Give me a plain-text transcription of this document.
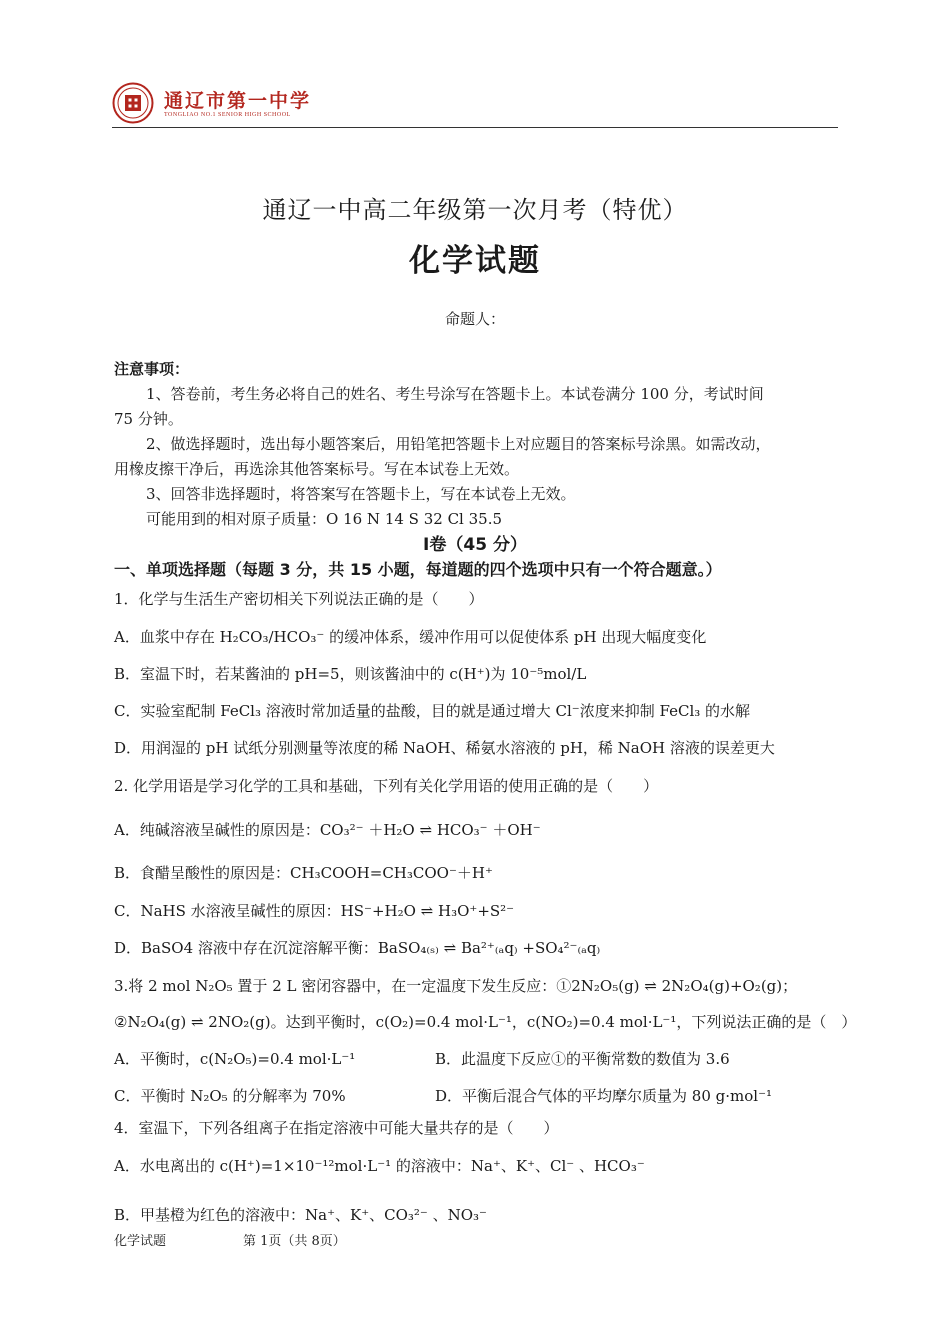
通辽市第一中学
TONGLIAO NO.1 SENIOR HIGH SCHOOL
通辽一中高二年级第一次月考（特优）
化学试题
命题人：
注意事项：
1、答卷前，考生务必将自己的姓名、考生号涂写在答题卡上。本试卷满分 100 分，考试时间
75 分钟。
2、做选择题时，选出每小题答案后，用铅笔把答题卡上对应题目的答案标号涂黑。如需改动，
用橡皮擦干净后，再选涂其他答案标号。写在本试卷上无效。
3、回答非选择题时，将答案写在答题卡上，写在本试卷上无效。
可能用到的相对原子质量：O 16 N 14 S 32 Cl 35.5
I卷（45 分）
一、单项选择题（每题 3 分，共 15 小题，每道题的四个选项中只有一个符合题意。）
1．化学与生活生产密切相关下列说法正确的是（　　）
A．血浆中存在 H₂CO₃/HCO₃⁻ 的缓冲体系，缓冲作用可以促使体系 pH 出现大幅度变化
B．室温下时，若某酱油的 pH=5，则该酱油中的 c(H⁺)为 10⁻⁵mol/L
C．实验室配制 FeCl₃ 溶液时常加适量的盐酸，目的就是通过增大 Cl⁻浓度来抑制 FeCl₃ 的水解
D．用润湿的 pH 试纸分别测量等浓度的稀 NaOH、稀氨水溶液的 pH，稀 NaOH 溶液的误差更大
2. 化学用语是学习化学的工具和基础，下列有关化学用语的使用正确的是（　　）
A．纯碱溶液呈碱性的原因是：CO₃²⁻ ＋H₂O ⇌ HCO₃⁻ ＋OH⁻
B．食醋呈酸性的原因是：CH₃COOH=CH₃COO⁻＋H⁺
C．NaHS 水溶液呈碱性的原因：HS⁻+H₂O ⇌ H₃O⁺+S²⁻
D．BaSO4 溶液中存在沉淀溶解平衡：BaSO₄₍ₛ₎ ⇌ Ba²⁺₍ₐq₎ +SO₄²⁻₍ₐq₎
3.将 2 mol N₂O₅ 置于 2 L 密闭容器中，在一定温度下发生反应：①2N₂O₅(g) ⇌ 2N₂O₄(g)+O₂(g)；
②N₂O₄(g) ⇌ 2NO₂(g)。达到平衡时，c(O₂)=0.4 mol·L⁻¹，c(NO₂)=0.4 mol·L⁻¹，下列说法正确的是（　）
A．平衡时，c(N₂O₅)=0.4 mol·L⁻¹	B．此温度下反应①的平衡常数的数值为 3.6
C．平衡时 N₂O₅ 的分解率为 70%	D．平衡后混合气体的平均摩尔质量为 80 g·mol⁻¹
4．室温下，下列各组离子在指定溶液中可能大量共存的是（　　）
A．水电离出的 c(H⁺)=1×10⁻¹²mol·L⁻¹ 的溶液中：Na⁺、K⁺、Cl⁻ 、HCO₃⁻
B．甲基橙为红色的溶液中：Na⁺、K⁺、CO₃²⁻ 、NO₃⁻
化学试题	第 1页（共 8页）
